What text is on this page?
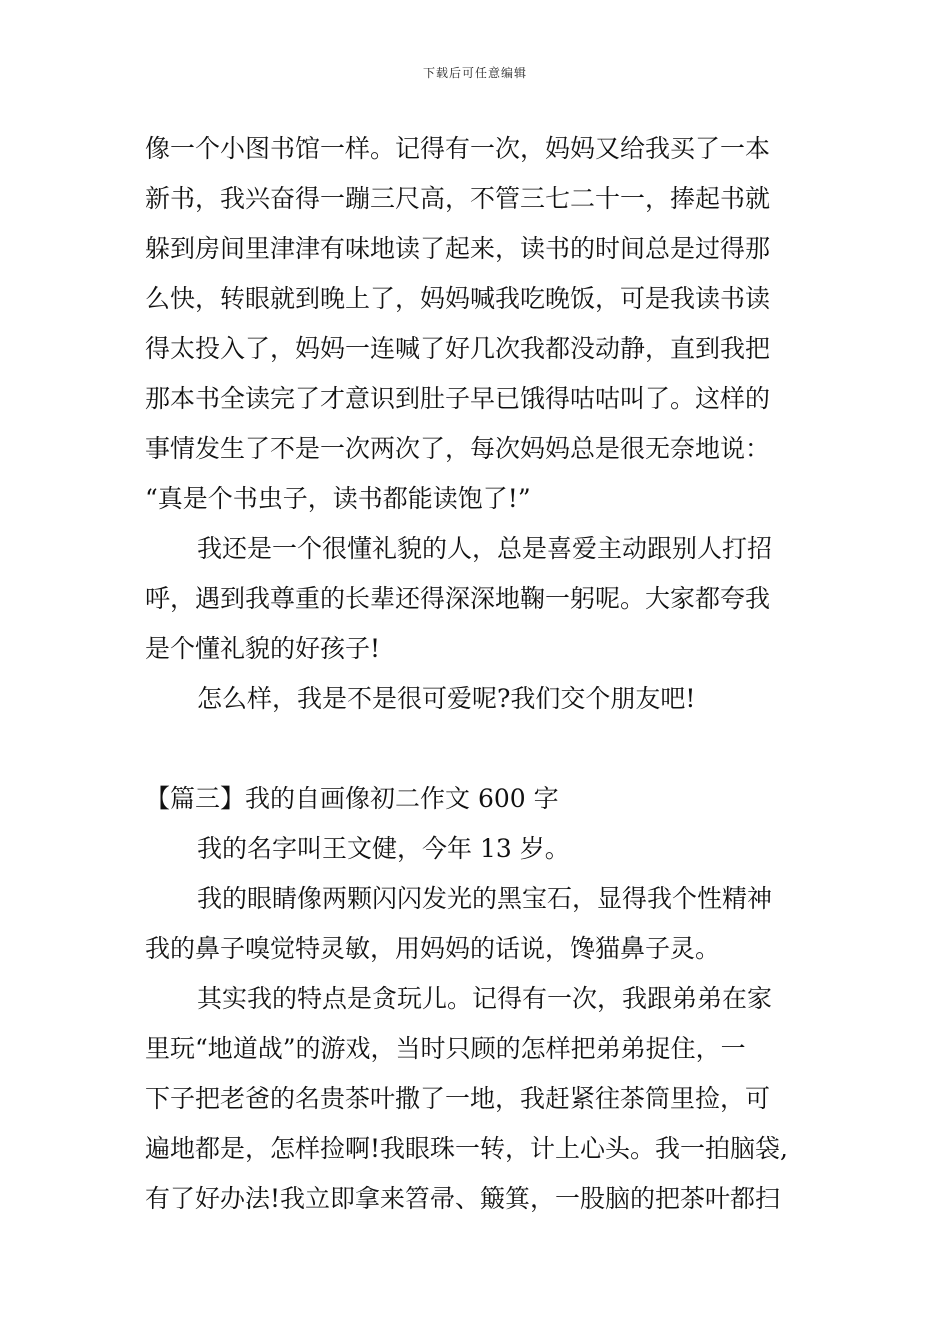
下载后可任意编辑

像一个小图书馆一样。记得有一次，妈妈又给我买了一本

新书，我兴奋得一蹦三尺高，不管三七二十一，捧起书就

躲到房间里津津有味地读了起来，读书的时间总是过得那

么快，转眼就到晚上了，妈妈喊我吃晚饭，可是我读书读

得太投入了，妈妈一连喊了好几次我都没动静，直到我把

那本书全读完了才意识到肚子早已饿得咕咕叫了。这样的

事情发生了不是一次两次了，每次妈妈总是很无奈地说：

“真是个书虫子，读书都能读饱了!”

我还是一个很懂礼貌的人，总是喜爱主动跟别人打招

呼，遇到我尊重的长辈还得深深地鞠一躬呢。大家都夸我

是个懂礼貌的好孩子!

怎么样，我是不是很可爱呢?我们交个朋友吧!

【篇三】我的自画像初二作文 600 字

我的名字叫王文健，今年 13 岁。

我的眼睛像两颗闪闪发光的黑宝石，显得我个性精神

我的鼻子嗅觉特灵敏，用妈妈的话说，馋猫鼻子灵。

其实我的特点是贪玩儿。记得有一次，我跟弟弟在家

里玩“地道战”的游戏，当时只顾的怎样把弟弟捉住，一

下子把老爸的名贵茶叶撒了一地，我赶紧往茶筒里捡，可

遍地都是，怎样捡啊!我眼珠一转，计上心头。我一拍脑袋,

有了好办法!我立即拿来笤帚、簸箕，一股脑的把茶叶都扫
